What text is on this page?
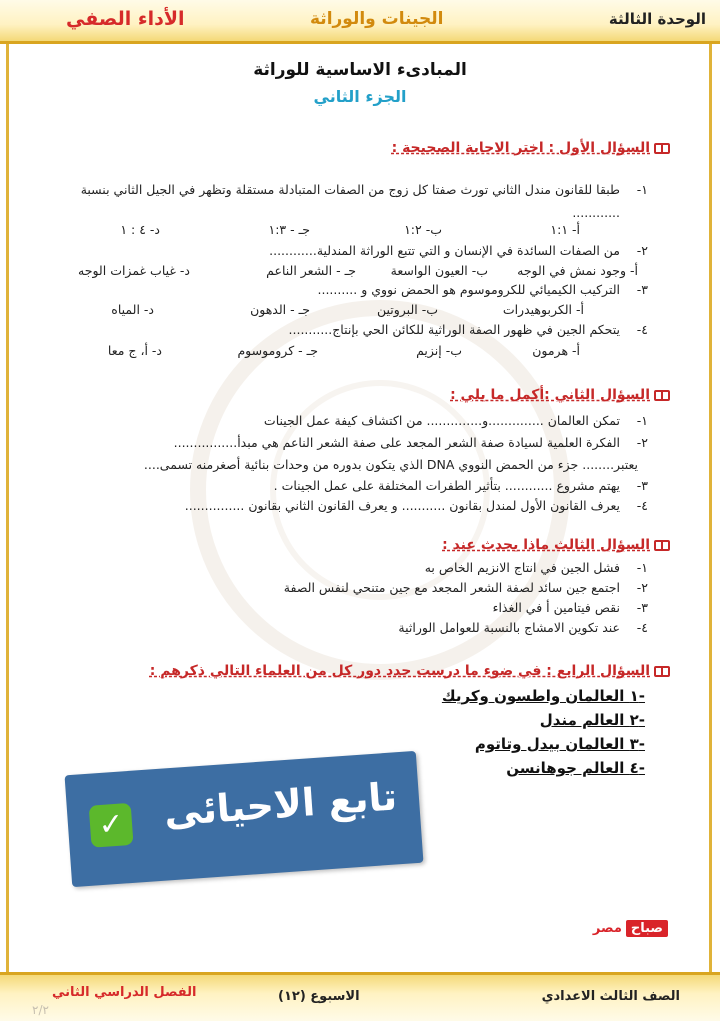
الوحدة الثالثة
الجينات والوراثة
الأداء الصفي
المبادىء الاساسية للوراثة
الجزء الثاني
السؤال الأول : اختر الاجابة الصحيحة :
-١
طبقا للقانون مندل الثاني تورث صفتا كل زوج من الصفات المتبادلة مستقلة وتظهر في الجيل الثاني بنسبة
............
أ- ١:١
ب- ١:٢
جـ - ١:٣
د- ٤ : ١
-٢
من الصفات السائدة في الإنسان و التي تتبع الوراثة المندلية............
أ- وجود نمش في الوجه
ب- العيون الواسعة
جـ - الشعر الناعم
د- غياب غمزات الوجه
-٣
التركيب الكيميائي للكروموسوم هو الحمض نووي و ..........
أ- الكربوهيدرات
ب- البروتين
جـ - الدهون
د- المياه
-٤
يتحكم الجين في ظهور الصفة الوراثية للكائن الحي بإنتاج...........
أ- هرمون
ب- إنزيم
جـ - كروموسوم
د- أ، ج معا
السؤال الثاني :أكمل ما يلي :
-١
تمكن العالمان ..............و.............. من اكتشاف كيفة عمل الجينات
-٢
الفكرة العلمية لسيادة صفة الشعر المجعد على صفة الشعر الناعم هي مبدأ................
يعتبر........ جزء من الحمض النووي DNA الذي يتكون بدوره من وحدات بنائية أصغرمنه تسمى....
-٣
يهتم مشروع ............ بتأثير الطفرات المختلفة على عمل الجينات .
-٤
يعرف القانون الأول لمندل بقانون ........... و يعرف القانون الثاني بقانون ...............
السؤال الثالث ماذا يحدث عند :
-١
فشل الجين في انتاج الانزيم الخاص به
-٢
اجتمع جين سائد لصفة الشعر المجعد مع جين متنحي لنفس الصفة
-٣
نقص فيتامين أ في الغذاء
-٤
عند تكوين الامشاج بالنسبة للعوامل الوراثية
السؤال الرابع : في ضوء ما درست حدد دور كل من العلماء التالي ذكرهم :
-١ العالمان واطسون وكريك
-٢ العالم مندل
-٣ العالمان بيدل وتاتوم
-٤ العالم جوهانسن
تابع الاحيائى
✓
صباحمصر
الصف الثالث الاعدادي
الاسبوع (١٢)
الفصل الدراسي الثاني
٢/٢
